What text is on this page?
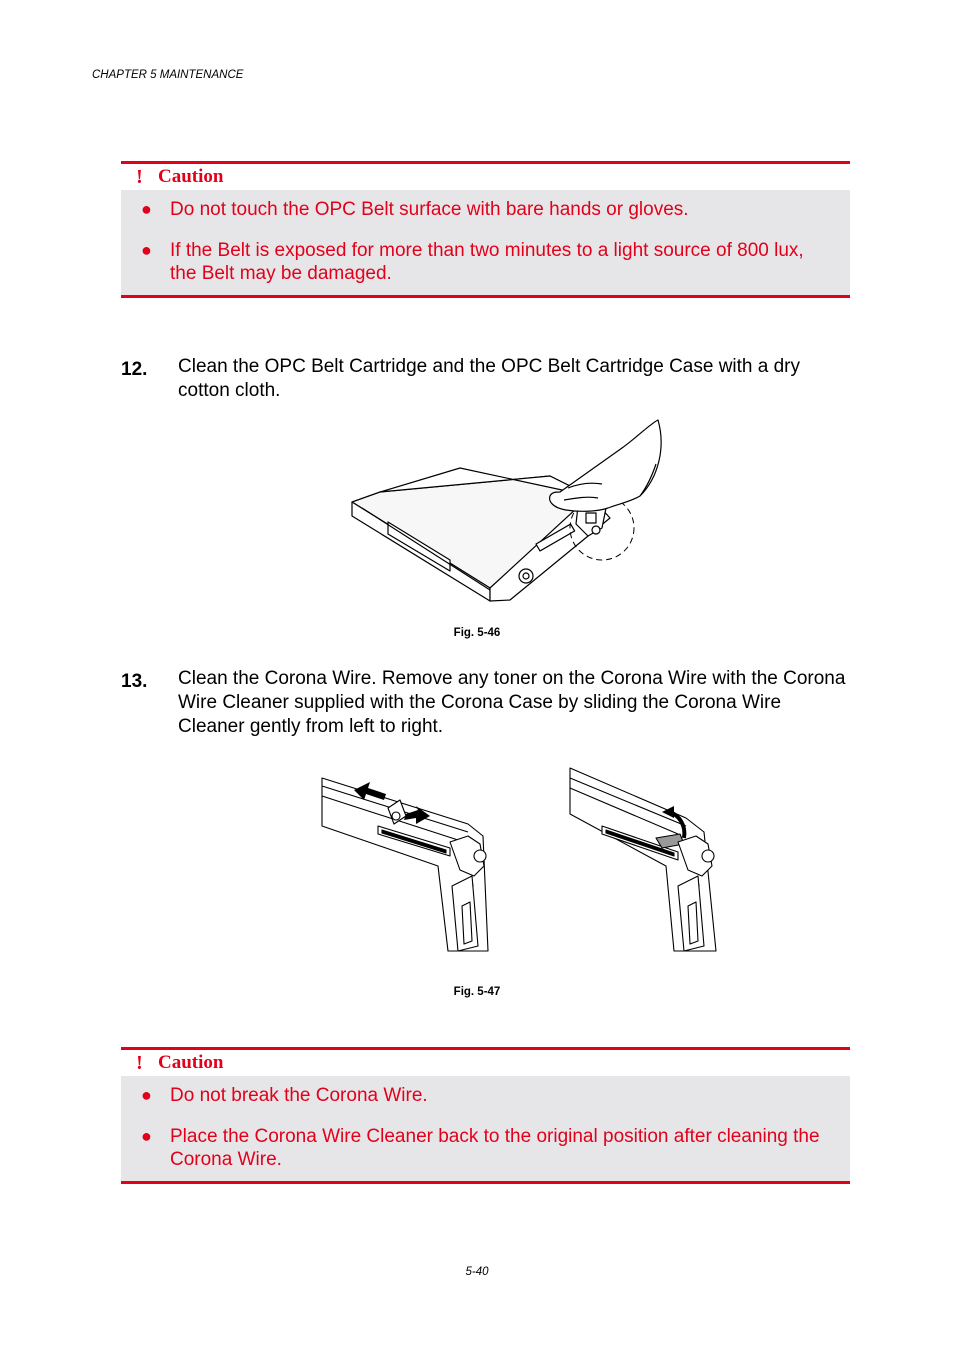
CHAPTER 5 MAINTENANCE
! Caution
● Do not touch the OPC Belt surface with bare hands or gloves.
● If the Belt is exposed for more than two minutes to a light source of 800 lux, the Belt may be damaged.
12. Clean the OPC Belt Cartridge and the OPC Belt Cartridge Case with a dry cotton cloth.
Fig. 5-46
13. Clean the Corona Wire. Remove any toner on the Corona Wire with the Corona Wire Cleaner supplied with the Corona Case by sliding the Corona Wire Cleaner gently from left to right.
Fig. 5-47
! Caution
● Do not break the Corona Wire.
● Place the Corona Wire Cleaner back to the original position after cleaning the Corona Wire.
5-40
